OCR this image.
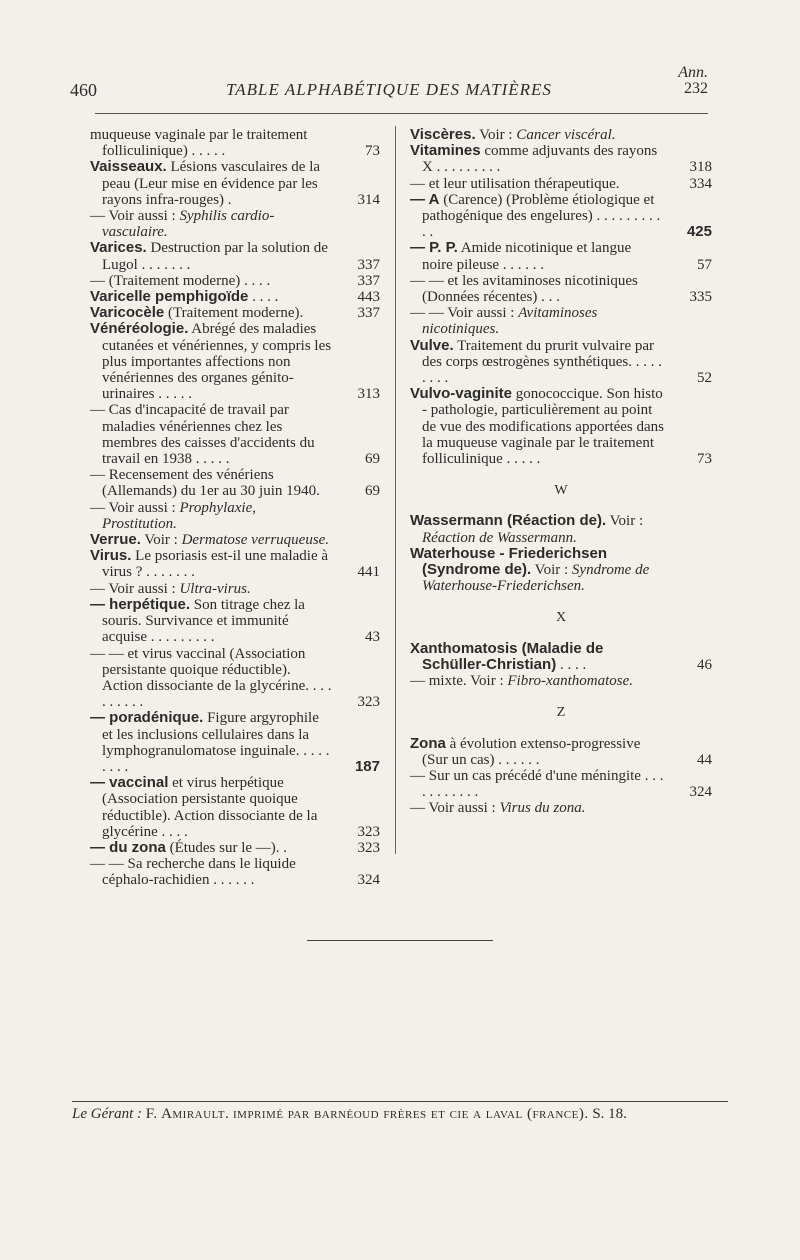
Ann.
460	TABLE ALPHABÉTIQUE DES MATIÈRES	232

muqueuse vaginale par le traitement folliculinique) . . . . .	73

Vaisseaux. Lésions vasculaires de la peau (Leur mise en évidence par les rayons infra-rouges) .	314

— Voir aussi : Syphilis cardio-vasculaire.

Varices. Destruction par la solution de Lugol . . . . . . .	337

— (Traitement moderne) . . . .	337

Varicelle pemphigoïde . . . .	443

Varicocèle (Traitement moderne).	337

Vénéréologie. Abrégé des maladies cutanées et vénériennes, y compris les plus importantes affections non vénériennes des organes génito-urinaires . . . . .	313

— Cas d'incapacité de travail par maladies vénériennes chez les membres des caisses d'accidents du travail en 1938 . . . . .	69

— Recensement des vénériens (Allemands) du 1er au 30 juin 1940.	69

— Voir aussi : Prophylaxie, Prostitution.

Verrue. Voir : Dermatose verruqueuse.

Virus. Le psoriasis est-il une maladie à virus ? . . . . . . .	441

— Voir aussi : Ultra-virus.

— herpétique. Son titrage chez la souris. Survivance et immunité acquise . . . . . . . . .	43

— — et virus vaccinal (Association persistante quoique réductible). Action dissociante de la glycérine. . . . . . . . . .	323

— poradénique. Figure argyrophile et les inclusions cellulaires dans la lymphogranulomatose inguinale. . . . . . . . .	187

— vaccinal et virus herpétique (Association persistante quoique réductible). Action dissociante de la glycérine . . . .	323

— du zona (Études sur le —). .	323

— — Sa recherche dans le liquide céphalo-rachidien . . . . . .	324

Viscères. Voir : Cancer viscéral.

Vitamines comme adjuvants des rayons X . . . . . . . . .	318

— et leur utilisation thérapeutique.	334

— A (Carence) (Problème étiologique et pathogénique des engelures) . . . . . . . . . . .	425

— P. P. Amide nicotinique et langue noire pileuse . . . . . .	57

— — et les avitaminoses nicotiniques (Données récentes) . . .	335

— — Voir aussi : Avitaminoses nicotiniques.

Vulve. Traitement du prurit vulvaire par des corps œstrogènes synthétiques. . . . . . . . .	52

Vulvo-vaginite gonococcique. Son histo - pathologie, particulièrement au point de vue des modifications apportées dans la muqueuse vaginale par le traitement folliculinique . . . . .	73

W

Wassermann (Réaction de). Voir : Réaction de Wassermann.

Waterhouse - Friederichsen (Syndrome de). Voir : Syndrome de Waterhouse-Friederichsen.

X

Xanthomatosis (Maladie de Schüller-Christian) . . . .	46

— mixte. Voir : Fibro-xanthomatose.

Z

Zona à évolution extenso-progressive (Sur un cas) . . . . . .	44

— Sur un cas précédé d'une méningite . . . . . . . . . . .	324

— Voir aussi : Virus du zona.

Le Gérant : F. Amirault. imprimé par barnéoud frères et cie a laval (france). S. 18.
